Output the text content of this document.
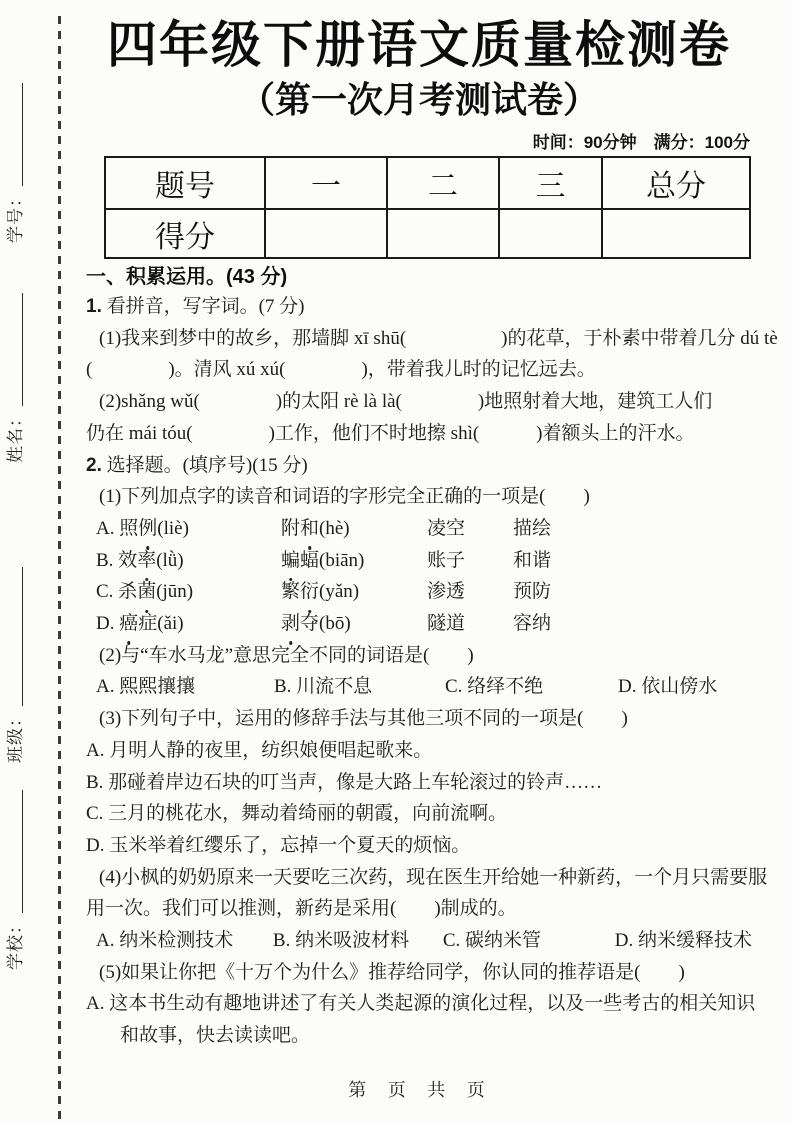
学号：
姓名：
班级：
学校：
四年级下册语文质量检测卷
（第一次月考测试卷）
时间：90分钟　满分：100分
题号	一	二	三	总分
得分				
一、积累运用。(43 分)

1. 看拼音，写字词。(7 分)

(1)我来到梦中的故乡，那墙脚 xī shū(　　　　　)的花草，于朴素中带着几分 dú tè

(　　　　)。清风 xú xú(　　　　)，带着我儿时的记忆远去。

(2)shǎng wǔ(　　　　)的太阳 rè là là(　　　　)地照射着大地，建筑工人们

仍在 mái tóu(　　　　)工作，他们不时地擦 shì(　　　)着额头上的汗水。

2. 选择题。(填序号)(15 分)

(1)下列加点字的读音和词语的字形完全正确的一项是(　　)

A. 照例(liè)	附和(hè)	凌空	描绘
B. 效率(lǜ)	蝙蝠(biān)	账子	和谐
C. 杀菌(jūn)	繁衍(yǎn)	渗透	预防
D. 癌症(ǎi)	剥夺(bō)	隧道	容纳

(2)与“车水马龙”意思完全不同的词语是(　　)

A. 熙熙攘攘	B. 川流不息	C. 络绎不绝	D. 依山傍水

(3)下列句子中，运用的修辞手法与其他三项不同的一项是(　　)

A. 月明人静的夜里，纺织娘便唱起歌来。

B. 那碰着岸边石块的叮当声，像是大路上车轮滚过的铃声……

C. 三月的桃花水，舞动着绮丽的朝霞，向前流啊。

D. 玉米举着红缨乐了，忘掉一个夏天的烦恼。

(4)小枫的奶奶原来一天要吃三次药，现在医生开给她一种新药，一个月只需要服

用一次。我们可以推测，新药是采用(　　)制成的。

A. 纳米检测技术	B. 纳米吸波材料	C. 碳纳米管	D. 纳米缓释技术

(5)如果让你把《十万个为什么》推荐给同学，你认同的推荐语是(　　)

A. 这本书生动有趣地讲述了有关人类起源的演化过程，以及一些考古的相关知识

和故事，快去读读吧。

第 页 共 页
